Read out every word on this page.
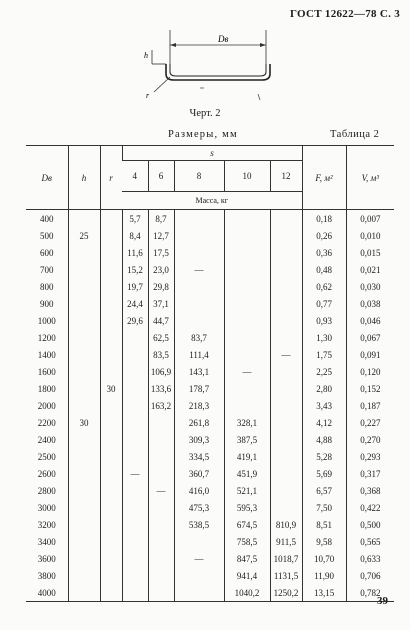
ГОСТ 12622—78 С. 3
Dв
h
r
Черт. 2
Размеры, мм	Таблица 2
Dв	h	r	s					F, м²	V, м³
			4	6	8	10	12		
			Масса, кг						
400			5,7	8,7				0,18	0,007
500	25		8,4	12,7				0,26	0,010
600			11,6	17,5				0,36	0,015
700			15,2	23,0	—			0,48	0,021
800			19,7	29,8				0,62	0,030
900			24,4	37,1				0,77	0,038
1000			29,6	44,7				0,93	0,046
1200				62,5	83,7			1,30	0,067
1400				83,5	111,4		—	1,75	0,091
1600				106,9	143,1	—		2,25	0,120
1800		30		133,6	178,7			2,80	0,152
2000				163,2	218,3			3,43	0,187
2200	30				261,8	328,1		4,12	0,227
2400					309,3	387,5		4,88	0,270
2500					334,5	419,1		5,28	0,293
2600			—		360,7	451,9		5,69	0,317
2800				—	416,0	521,1		6,57	0,368
3000					475,3	595,3		7,50	0,422
3200					538,5	674,5	810,9	8,51	0,500
3400						758,5	911,5	9,58	0,565
3600					—	847,5	1018,7	10,70	0,633
3800						941,4	1131,5	11,90	0,706
4000						1040,2	1250,2	13,15	0,782
39
